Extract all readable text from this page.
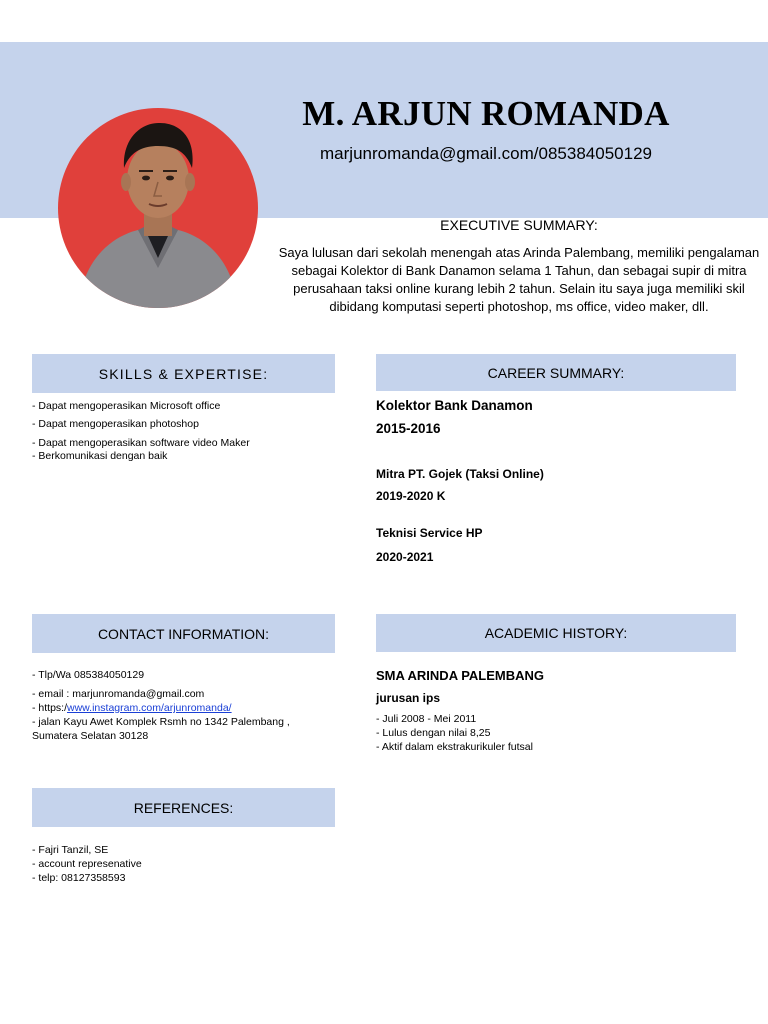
M. ARJUN ROMANDA
marjunromanda@gmail.com/085384050129
EXECUTIVE SUMMARY:
Saya lulusan dari sekolah menengah atas Arinda Palembang, memiliki pengalaman sebagai Kolektor di Bank Danamon selama 1 Tahun, dan sebagai supir di mitra perusahaan taksi online kurang lebih 2 tahun. Selain itu saya juga memiliki skil dibidang komputasi seperti photoshop, ms office, video maker, dll.
SKILLS & EXPERTISE:
- Dapat mengoperasikan Microsoft office
- Dapat mengoperasikan photoshop
- Dapat mengoperasikan software video Maker
- Berkomunikasi dengan baik
CAREER SUMMARY:
Kolektor Bank Danamon
2015-2016
Mitra PT. Gojek (Taksi Online)
2019-2020 K
Teknisi Service HP
2020-2021
CONTACT INFORMATION:
- Tlp/Wa 085384050129
- email : marjunromanda@gmail.com
- https:/www.instagram.com/arjunromanda/
- jalan Kayu Awet Komplek Rsmh no 1342 Palembang ,
Sumatera Selatan 30128
ACADEMIC HISTORY:
SMA ARINDA PALEMBANG
jurusan ips
- Juli 2008 - Mei 2011
- Lulus dengan nilai 8,25
- Aktif dalam ekstrakurikuler futsal
REFERENCES:
- Fajri Tanzil, SE
- account represenative
- telp: 08127358593
